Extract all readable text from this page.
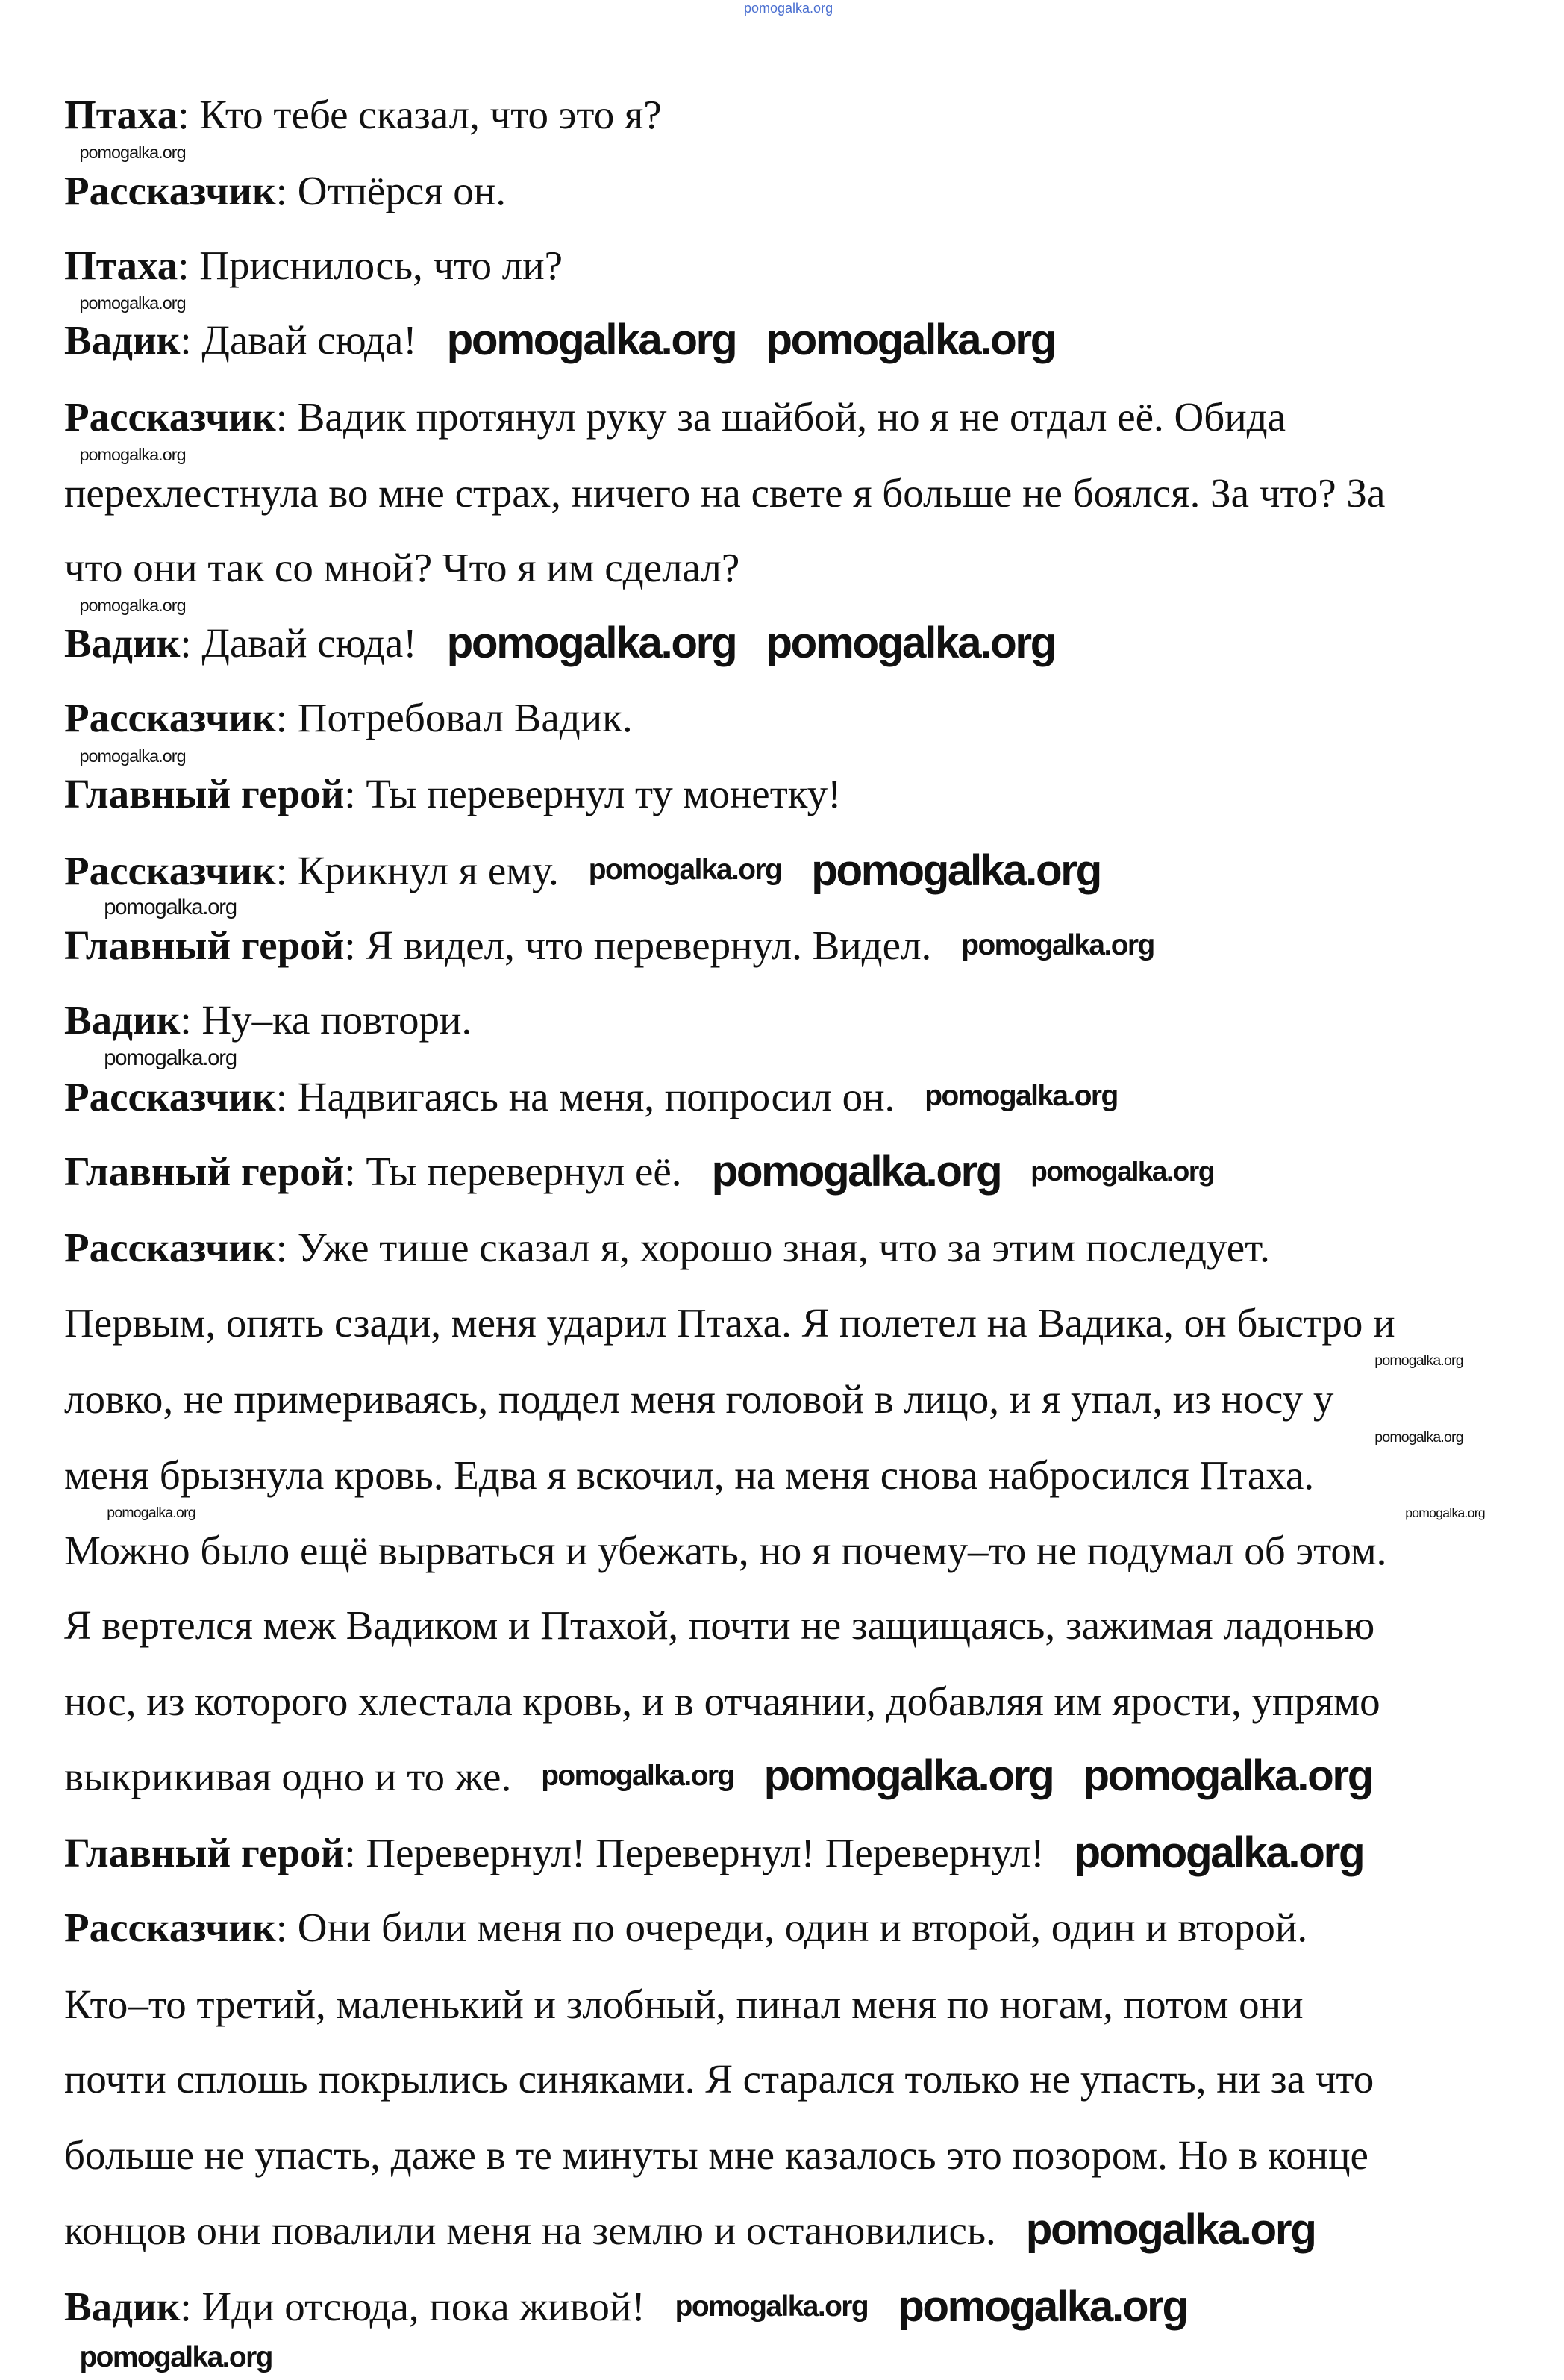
pomogalka.org
Птаха: Кто тебе сказал, что это я?
Рассказчик: Отпёрся он.
Птаха: Приснилось, что ли?
Вадик: Давай сюда!
Рассказчик: Вадик протянул руку за шайбой, но я не отдал её. Обида
перехлестнула во мне страх, ничего на свете я больше не боялся. За что? За
что они так со мной? Что я им сделал?
Вадик: Давай сюда!
Рассказчик: Потребовал Вадик.
Главный герой: Ты перевернул ту монетку!
Рассказчик: Крикнул я ему.
Главный герой: Я видел, что перевернул. Видел.
Вадик: Ну–ка повтори.
Рассказчик: Надвигаясь на меня, попросил он.
Главный герой: Ты перевернул её.
Рассказчик: Уже тише сказал я, хорошо зная, что за этим последует.
Первым, опять сзади, меня ударил Птаха. Я полетел на Вадика, он быстро и
ловко, не примериваясь, поддел меня головой в лицо, и я упал, из носу у
меня брызнула кровь. Едва я вскочил, на меня снова набросился Птаха.
Можно было ещё вырваться и убежать, но я почему–то не подумал об этом.
Я вертелся меж Вадиком и Птахой, почти не защищаясь, зажимая ладонью
нос, из которого хлестала кровь, и в отчаянии, добавляя им ярости, упрямо
выкрикивая одно и то же.
Главный герой: Перевернул! Перевернул! Перевернул!
Рассказчик: Они били меня по очереди, один и второй, один и второй.
Кто–то третий, маленький и злобный, пинал меня по ногам, потом они
почти сплошь покрылись синяками. Я старался только не упасть, ни за что
больше не упасть, даже в те минуты мне казалось это позором. Но в конце
концов они повалили меня на землю и остановились.
Вадик: Иди отсюда, пока живой!
pomogalka.org
pomogalka.org
pomogalka.org
pomogalka.org
pomogalka.org
pomogalka.org
pomogalka.org
pomogalka.org
pomogalka.org
pomogalka.org
pomogalka.org
pomogalka.org
pomogalka.org
pomogalka.org
pomogalka.org
pomogalka.org
pomogalka.org
pomogalka.org
pomogalka.org
pomogalka.org
pomogalka.org
pomogalka.org
pomogalka.org
pomogalka.org
pomogalka.org
pomogalka.org
pomogalka.org
pomogalka.org
pomogalka.org
